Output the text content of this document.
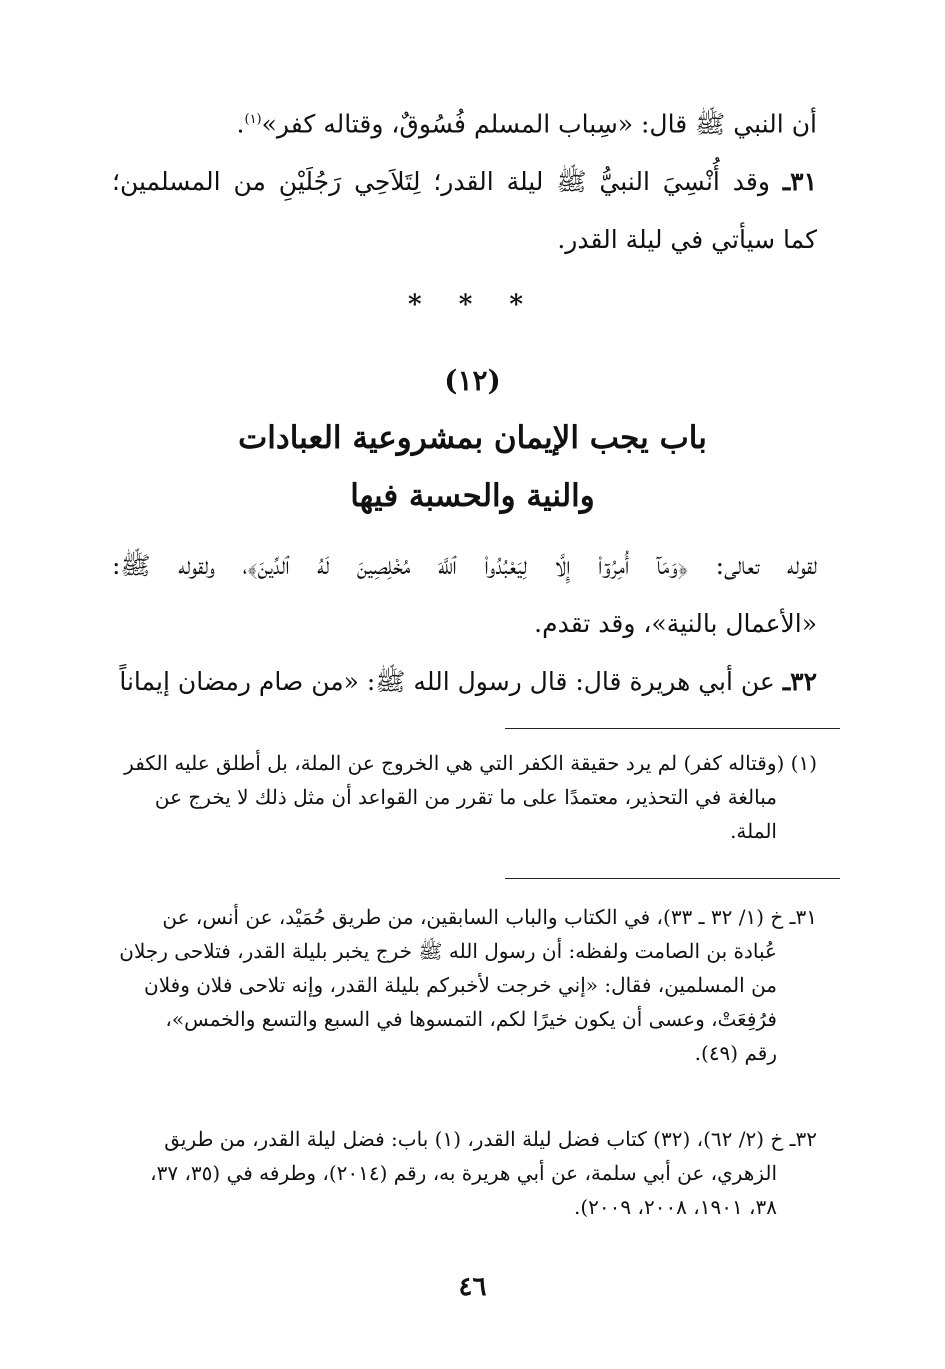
أن النبي ﷺ قال: «سِباب المسلم فُسُوقٌ، وقتاله كفر»$^{(١)}$.
٣١ـ وقد أُنْسِيَ النبيُّ ﷺ ليلة القدر؛ لِتَلاَحِي رَجُلَيْنِ من المسلمين؛
كما سيأتي في ليلة القدر.
* * *
(١٢)
باب يجب الإيمان بمشروعية العبادات
والنية والحسبة فيها
لقوله تعالى: ﴿وَمَآ أُمِرُوٓاْ إِلَّا لِيَعْبُدُواْ ٱللَّهَ مُخْلِصِينَ لَهُ ٱلدِّينَ﴾، ولقوله ﷺ:
«الأعمال بالنية»، وقد تقدم.
٣٢ـ عن أبي هريرة قال: قال رسول الله ﷺ: «من صام رمضان إيماناً
(١) (وقتاله كفر) لم يرد حقيقة الكفر التي هي الخروج عن الملة، بل أطلق عليه الكفر
مبالغة في التحذير، معتمدًا على ما تقرر من القواعد أن مثل ذلك لا يخرج عن
الملة.
٣١ـ خ (١/ ٣٢ ـ ٣٣)، في الكتاب والباب السابقين، من طريق حُمَيْد، عن أنس، عن
عُبادة بن الصامت ولفظه: أن رسول الله ﷺ خرج يخبر بليلة القدر، فتلاحى رجلان
من المسلمين، فقال: «إني خرجت لأخبركم بليلة القدر، وإنه تلاحى فلان وفلان
فرُفِعَتْ، وعسى أن يكون خيرًا لكم، التمسوها في السبع والتسع والخمس»،
رقم (٤٩).
٣٢ـ خ (٢/ ٦٢)، (٣٢) كتاب فضل ليلة القدر، (١) باب: فضل ليلة القدر، من طريق
الزهري، عن أبي سلمة، عن أبي هريرة به، رقم (٢٠١٤)، وطرفه في (٣٥، ٣٧،
٣٨، ١٩٠١، ٢٠٠٨، ٢٠٠٩).
٤٦
